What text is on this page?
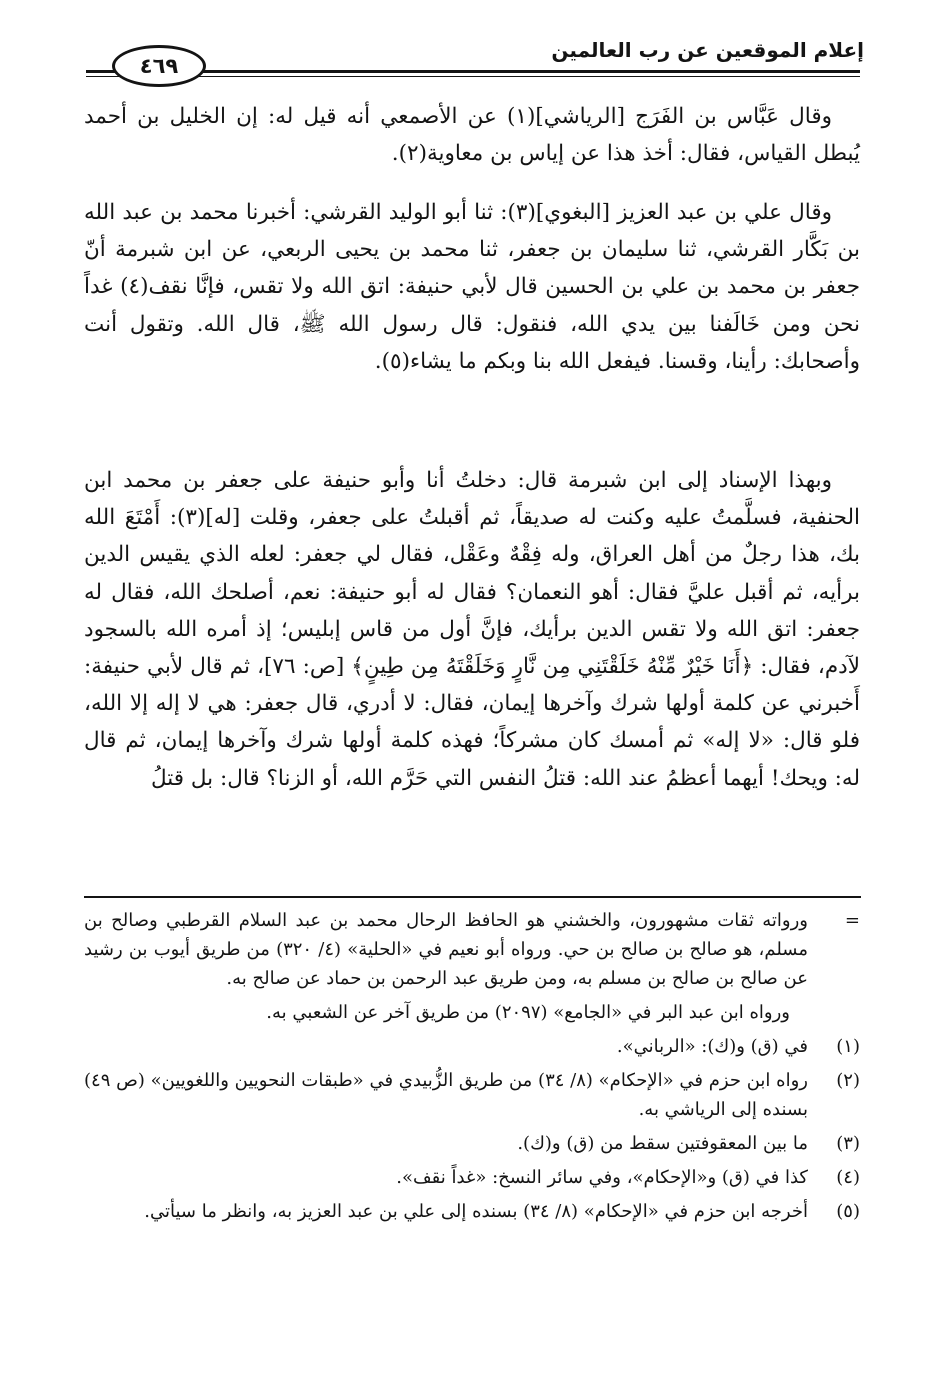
إعلام الموقعين عن رب العالمين
٤٦٩

وقال عَبَّاس بن الفَرَج [الرياشي](١) عن الأصمعي أنه قيل له: إن الخليل بن أحمد يُبطل القياس، فقال: أخذ هذا عن إياس بن معاوية(٢).

وقال علي بن عبد العزيز [البغوي](٣): ثنا أبو الوليد القرشي: أخبرنا محمد بن عبد الله بن بَكَّار القرشي، ثنا سليمان بن جعفر، ثنا محمد بن يحيى الربعي، عن ابن شبرمة أنّ جعفر بن محمد بن علي بن الحسين قال لأبي حنيفة: اتق الله ولا تقس، فإنَّا نقف(٤) غداً نحن ومن خَالَفنا بين يدي الله، فنقول: قال رسول الله ﷺ، قال الله. وتقول أنت وأصحابك: رأينا، وقسنا. فيفعل الله بنا وبكم ما يشاء(٥).

وبهذا الإسناد إلى ابن شبرمة قال: دخلتُ أنا وأبو حنيفة على جعفر بن محمد ابن الحنفية، فسلَّمتُ عليه وكنت له صديقاً، ثم أقبلتُ على جعفر، وقلت [له](٣): أَمْتَعَ الله بك، هذا رجلٌ من أهل العراق، وله فِقْهٌ وعَقْل، فقال لي جعفر: لعله الذي يقيس الدين برأيه، ثم أقبل عليَّ فقال: أهو النعمان؟ فقال له أبو حنيفة: نعم، أصلحك الله، فقال له جعفر: اتق الله ولا تقس الدين برأيك، فإنَّ أول من قاس إبليس؛ إذ أمره الله بالسجود لآدم، فقال: ﴿أَنَا خَيْرٌ مِّنْهُ خَلَقْتَنِي مِن نَّارٍ وَخَلَقْتَهُ مِن طِينٍ﴾ [ص: ٧٦]، ثم قال لأبي حنيفة: أَخبرني عن كلمة أولها شرك وآخرها إيمان، فقال: لا أدري، قال جعفر: هي لا إله إلا الله، فلو قال: «لا إله» ثم أمسك كان مشركاً؛ فهذه كلمة أولها شرك وآخرها إيمان، ثم قال له: ويحك! أيهما أعظمُ عند الله: قتلُ النفس التي حَرَّم الله، أو الزنا؟ قال: بل قتلُ

=
ورواته ثقات مشهورون، والخشني هو الحافظ الرحال محمد بن عبد السلام القرطبي وصالح بن مسلم، هو صالح بن صالح بن حي. ورواه أبو نعيم في «الحلية» (٤/ ٣٢٠) من طريق أيوب بن رشيد عن صالح بن صالح بن مسلم به، ومن طريق عبد الرحمن بن حماد عن صالح به.
ورواه ابن عبد البر في «الجامع» (٢٠٩٧) من طريق آخر عن الشعبي به.
(١)
في (ق) و(ك): «الرباني».
(٢)
رواه ابن حزم في «الإحكام» (٨/ ٣٤) من طريق الزُّبيدي في «طبقات النحويين واللغويين» (ص ٤٩) بسنده إلى الرياشي به.
(٣)
ما بين المعقوفتين سقط من (ق) و(ك).
(٤)
كذا في (ق) و«الإحكام»، وفي سائر النسخ: «غداً نقف».
(٥)
أخرجه ابن حزم في «الإحكام» (٨/ ٣٤) بسنده إلى علي بن عبد العزيز به، وانظر ما سيأتي.
